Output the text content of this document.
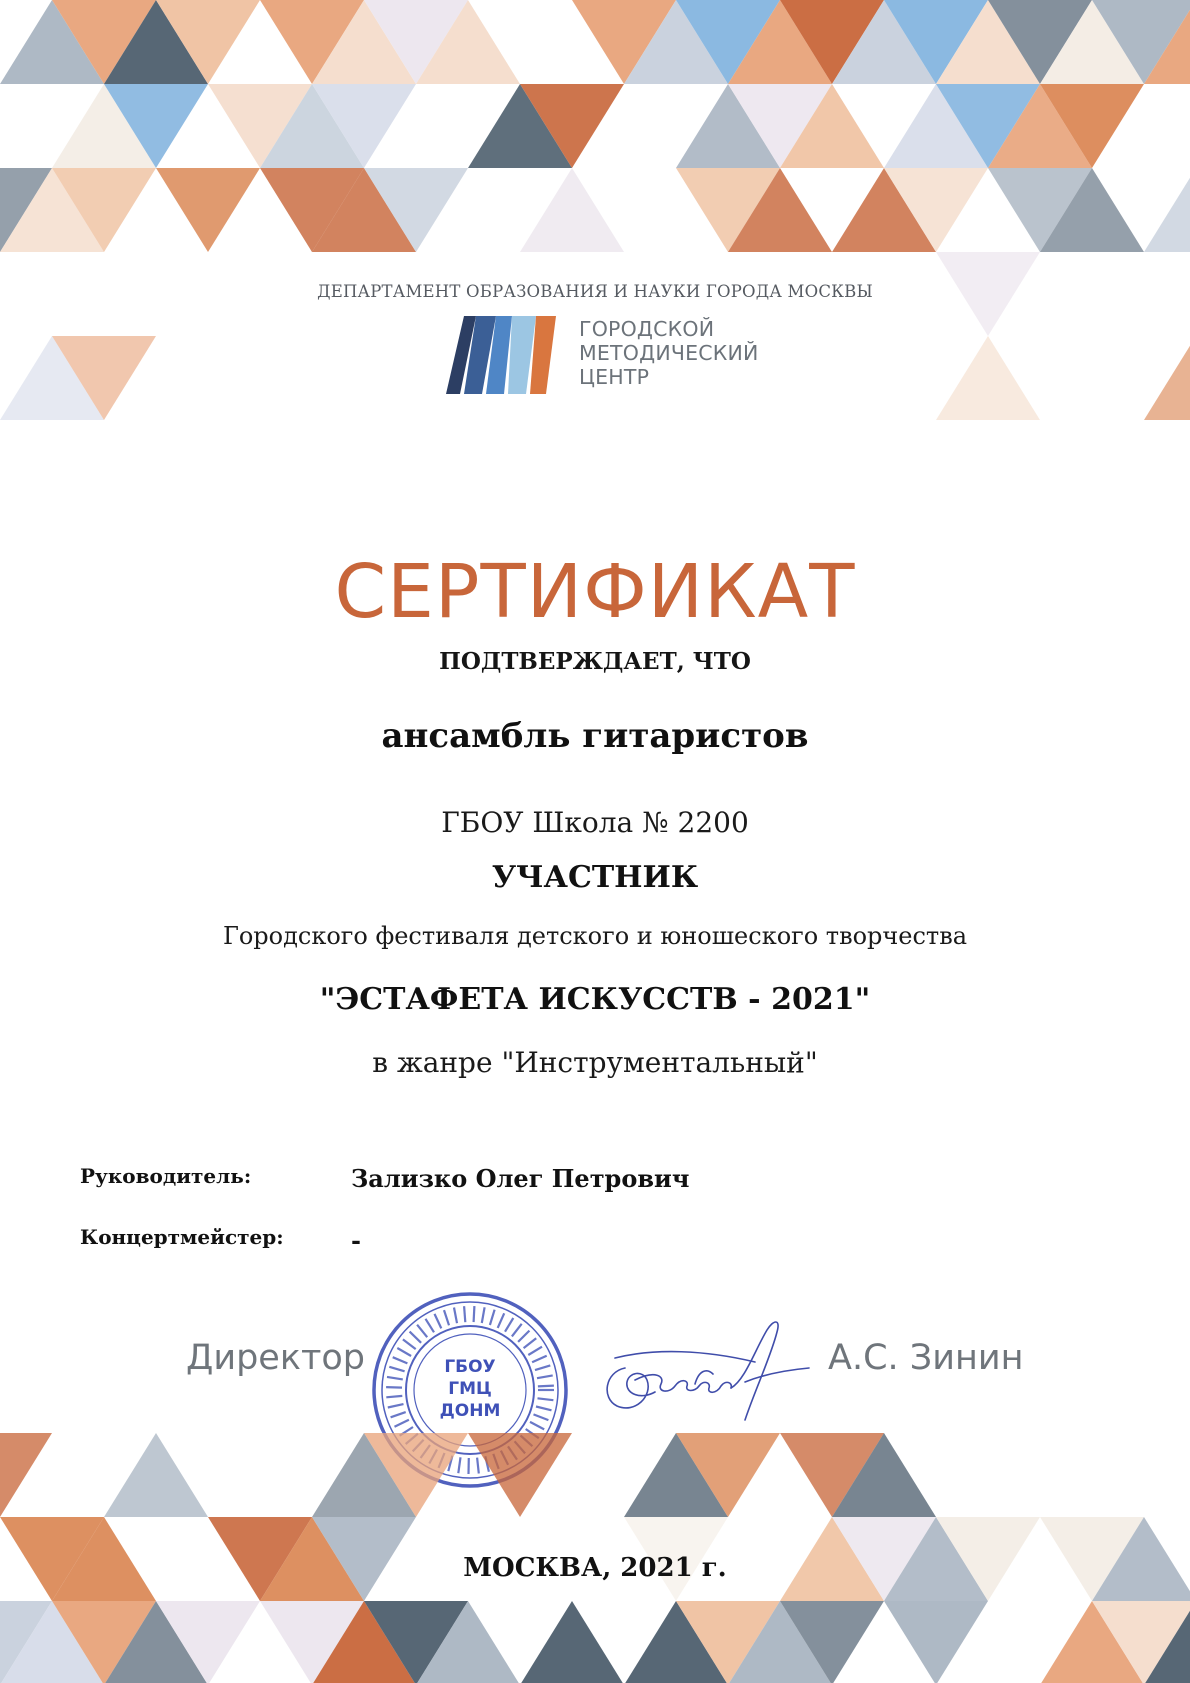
ДЕПАРТАМЕНТ ОБРАЗОВАНИЯ И НАУКИ ГОРОДА МОСКВЫ
ГОРОДСКОЙ
МЕТОДИЧЕСКИЙ
ЦЕНТР
СЕРТИФИКАТ
ПОДТВЕРЖДАЕТ, ЧТО
ансамбль гитаристов
ГБОУ Школа № 2200
УЧАСТНИК
Городского фестиваля детского и юношеского творчества
"ЭСТАФЕТА ИСКУССТВ - 2021"
в жанре "Инструментальный"
Руководитель:	Зализко Олег Петрович
Концертмейстер:	-
Директор	ГБОУ
ГМЦ
ДОНМ
А.С. Зинин
МОСКВА, 2021 г.
